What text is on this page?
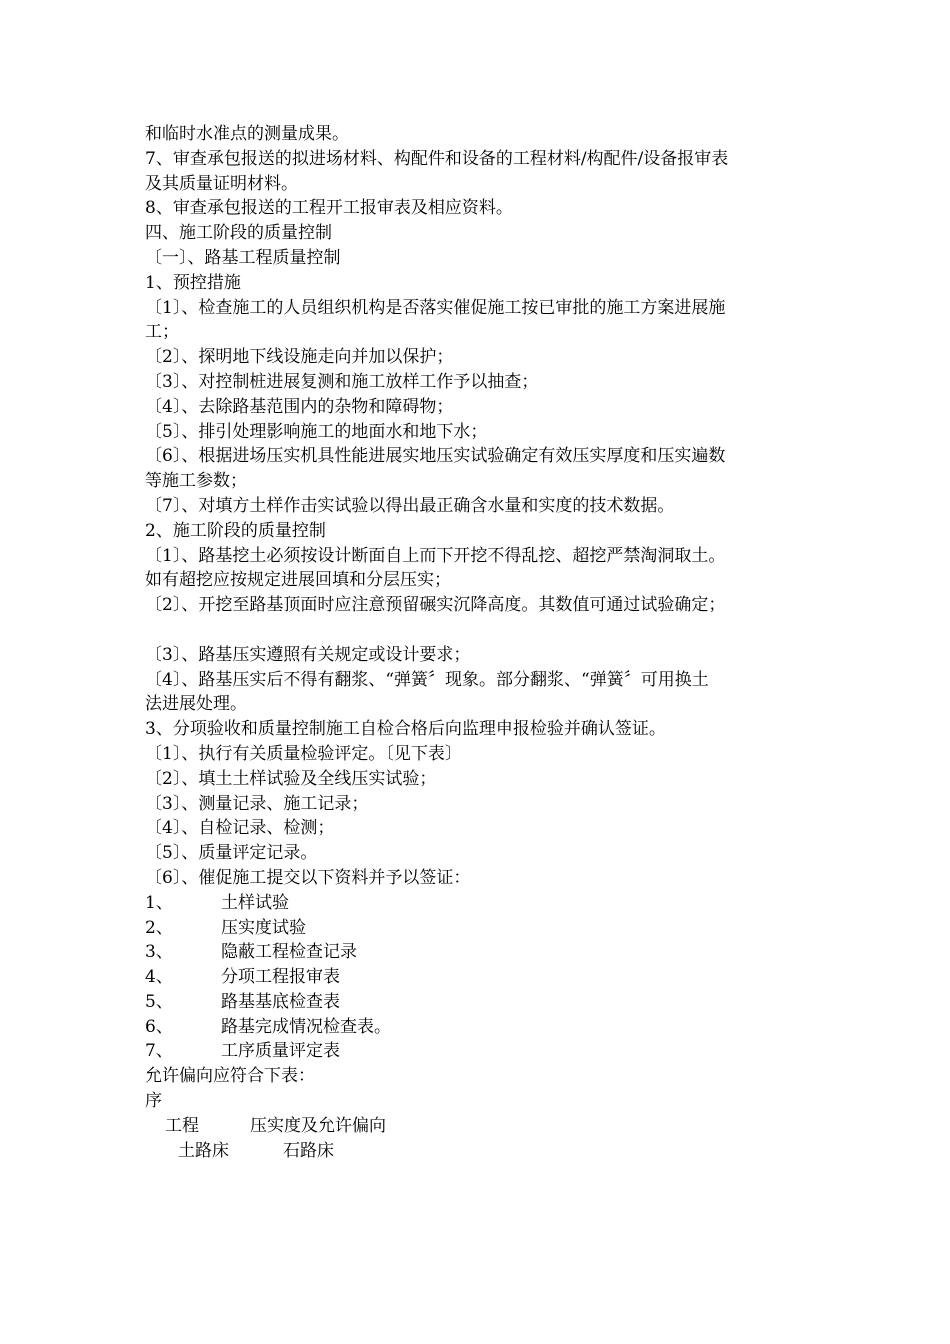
和临时水准点的测量成果。
7、审查承包报送的拟进场材料、构配件和设备的工程材料/构配件/设备报审表
及其质量证明材料。
8、审查承包报送的工程开工报审表及相应资料。
四、施工阶段的质量控制
〔一〕、路基工程质量控制
1、预控措施
〔1〕、检查施工的人员组织机构是否落实催促施工按已审批的施工方案进展施
工；
〔2〕、探明地下线设施走向并加以保护；
〔3〕、对控制桩进展复测和施工放样工作予以抽查；
〔4〕、去除路基范围内的杂物和障碍物；
〔5〕、排引处理影响施工的地面水和地下水；
〔6〕、根据进场压实机具性能进展实地压实试验确定有效压实厚度和压实遍数
等施工参数；
〔7〕、对填方土样作击实试验以得出最正确含水量和实度的技术数据。
2、施工阶段的质量控制
〔1〕、路基挖土必须按设计断面自上而下开挖不得乱挖、超挖严禁淘洞取土。
如有超挖应按规定进展回填和分层压实；
〔2〕、开挖至路基顶面时应注意预留碾实沉降高度。其数值可通过试验确定；
〔3〕、路基压实遵照有关规定或设计要求；
〔4〕、路基压实后不得有翻浆、“弹簧〞现象。部分翻浆、“弹簧〞可用换土
法进展处理。
3、分项验收和质量控制施工自检合格后向监理申报检验并确认签证。
〔1〕、执行有关质量检验评定。〔见下表〕
〔2〕、填土土样试验及全线压实试验；
〔3〕、测量记录、施工记录；
〔4〕、自检记录、检测；
〔5〕、质量评定记录。
〔6〕、催促施工提交以下资料并予以签证：
1、	土样试验
2、	压实度试验
3、	隐蔽工程检查记录
4、	分项工程报审表
5、	路基基底检查表
6、	路基完成情况检查表。
7、	工序质量评定表
允许偏向应符合下表：
序
工程	压实度及允许偏向
土路床	石路床
